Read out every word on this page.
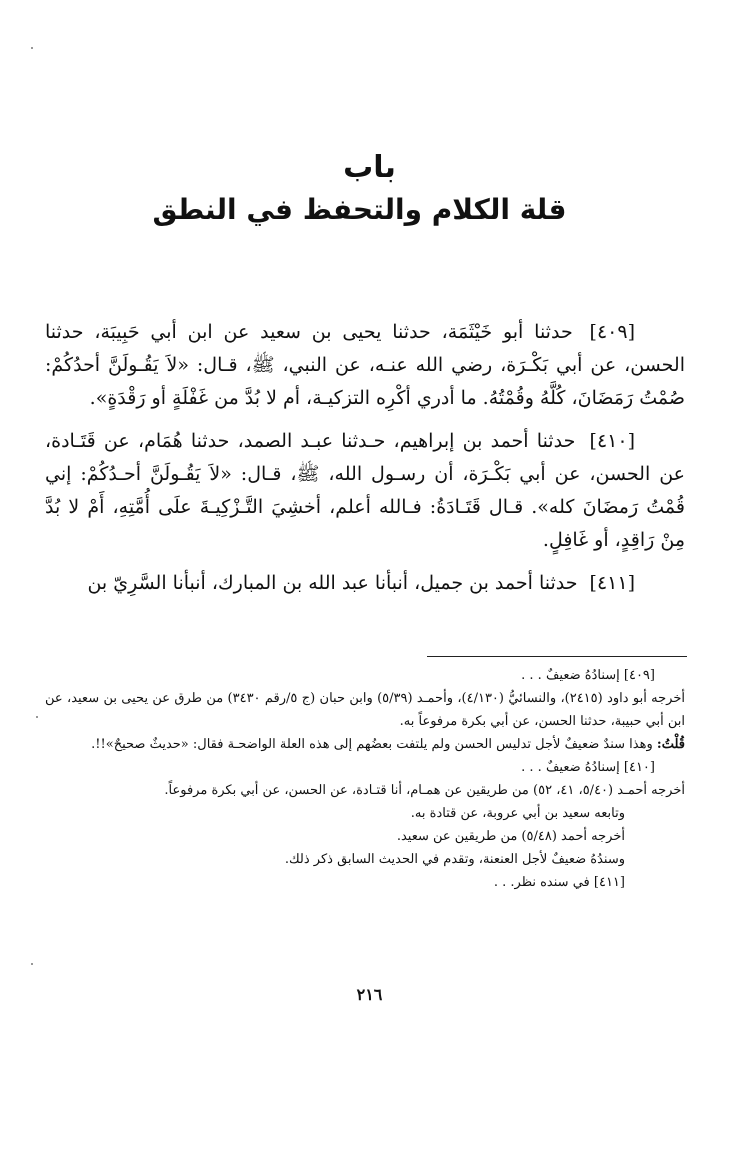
باب

قلة الكلام والتحفظ في النطق

[٤٠٩] حدثنا أبو خَيْثَمَة، حدثنا يحيى بن سعيد عن ابن أبي حَبِيبَة، حدثنا الحسن، عن أبي بَكْـرَة، رضي الله عنـه، عن النبي، ﷺ، قـال: «لاَ يَقُـولَنَّ أحدُكُمْ: صُمْتُ رَمَضَانَ، كُلَّهُ وقُمْتُهُ. ما أدري أكْرِه التزكيـة، أم لا بُدَّ من غَفْلَةٍ أو رَقْدَةٍ».

[٤١٠] حدثنا أحمد بن إبراهيم، حـدثنا عبـد الصمد، حدثنا هُمَام، عن قَتَـادة، عن الحسن، عن أبي بَكْـرَة، أن رسـول الله، ﷺ، قـال: «لاَ يَقُـولَنَّ أحـدُكُمْ: إني قُمْتُ رَمضَانَ كله». قـال قَتَـادَةُ: فـالله أعلم، أخشِيَ التَّـزْكِيـةَ علَى أُمَّتِهِ، أَمْ لا بُدَّ مِنْ رَاقِدٍ، أو غَافِلٍ.

[٤١١] حدثنا أحمد بن جميل، أنبأنا عبد الله بن المبارك، أنبأنا السَّرِيّ بن

[٤٠٩] إسنادُهُ ضعيفٌ . . .

أخرجه أبو داود (٢٤١٥)، والنسائيُّ (٤/١٣٠)، وأحمـد (٥/٣٩) وابن حبان (ج ٥/رقم ٣٤٣٠) من طرق عن يحيى بن سعيد، عن ابن أبي حبيبة، حدثنا الحسن، عن أبي بكرة مرفوعاً به.

قُلْتُ: وهذا سندٌ ضعيفٌ لأجل تدليس الحسن ولم يلتفت بعضُهم إلى هذه العلة الواضحـة فقال: «حديثٌ صحيحٌ»!!.

[٤١٠] إسنادُهُ ضعيفٌ . . .

أخرجه أحمـد (٥/٤٠، ٤١، ٥٢) من طريقين عن همـام، أنا قتـادة، عن الحسن، عن أبي بكرة مرفوعاً.

وتابعه سعيد بن أبي عروبة، عن قتادة به.

أخرجه أحمد (٥/٤٨) من طريقين عن سعيد.

وسندُهُ ضعيفٌ لأجل العنعنة، وتقدم في الحديث السابق ذكر ذلك.

[٤١١] في سنده نظر. . .

٢١٦
